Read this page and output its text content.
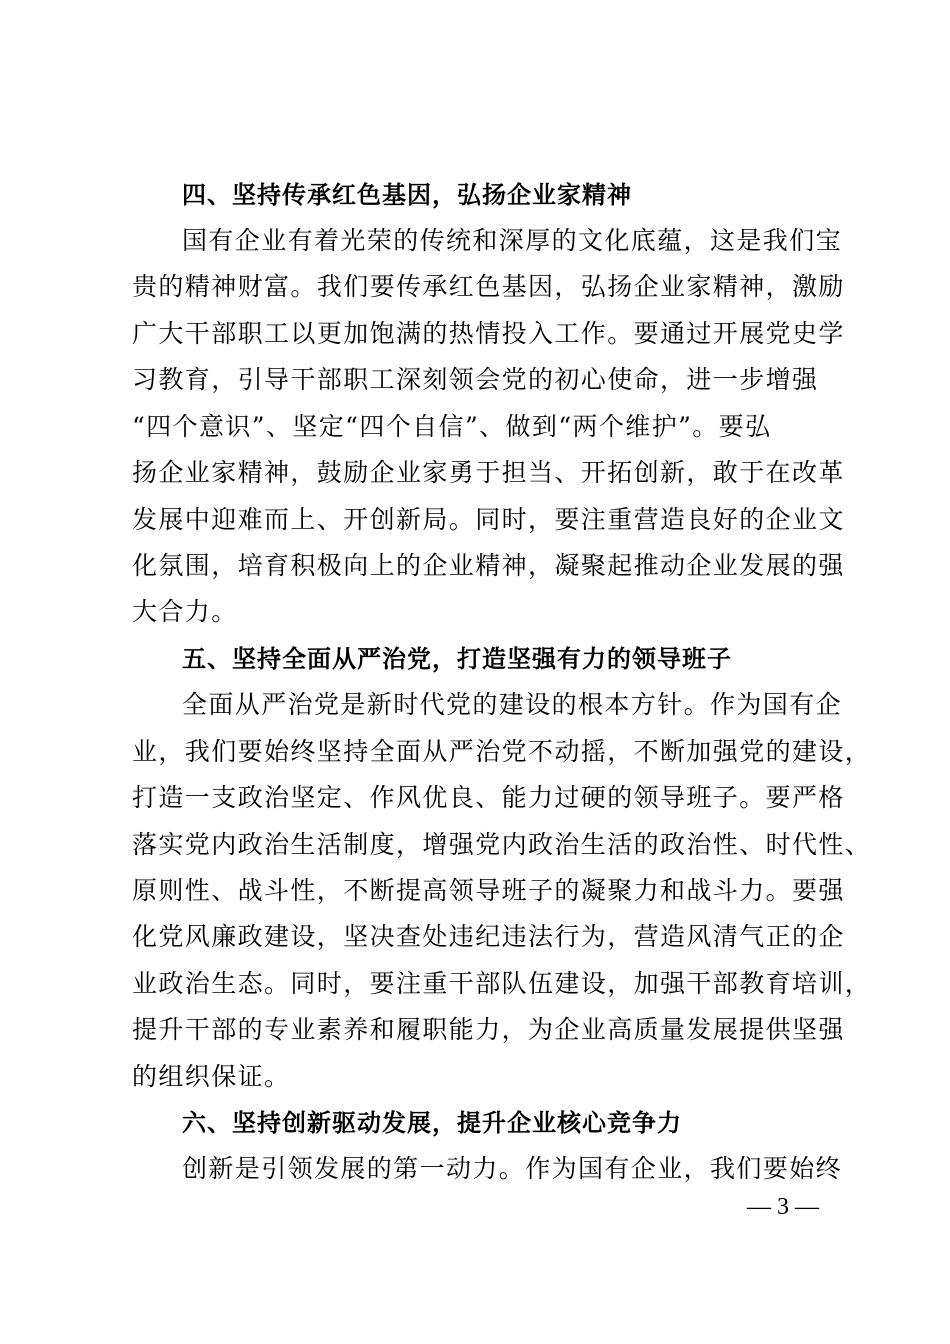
四、坚持传承红色基因，弘扬企业家精神
国有企业有着光荣的传统和深厚的文化底蕴，这是我们宝
贵的精神财富。我们要传承红色基因，弘扬企业家精神，激励
广大干部职工以更加饱满的热情投入工作。要通过开展党史学
习教育，引导干部职工深刻领会党的初心使命，进一步增强
“四个意识”、坚定“四个自信”、做到“两个维护”。要弘
扬企业家精神，鼓励企业家勇于担当、开拓创新，敢于在改革
发展中迎难而上、开创新局。同时，要注重营造良好的企业文
化氛围，培育积极向上的企业精神，凝聚起推动企业发展的强
大合力。
五、坚持全面从严治党，打造坚强有力的领导班子
全面从严治党是新时代党的建设的根本方针。作为国有企
业，我们要始终坚持全面从严治党不动摇，不断加强党的建设，
打造一支政治坚定、作风优良、能力过硬的领导班子。要严格
落实党内政治生活制度，增强党内政治生活的政治性、时代性、
原则性、战斗性，不断提高领导班子的凝聚力和战斗力。要强
化党风廉政建设，坚决查处违纪违法行为，营造风清气正的企
业政治生态。同时，要注重干部队伍建设，加强干部教育培训，
提升干部的专业素养和履职能力，为企业高质量发展提供坚强
的组织保证。
六、坚持创新驱动发展，提升企业核心竞争力
创新是引领发展的第一动力。作为国有企业，我们要始终
— 3 —
